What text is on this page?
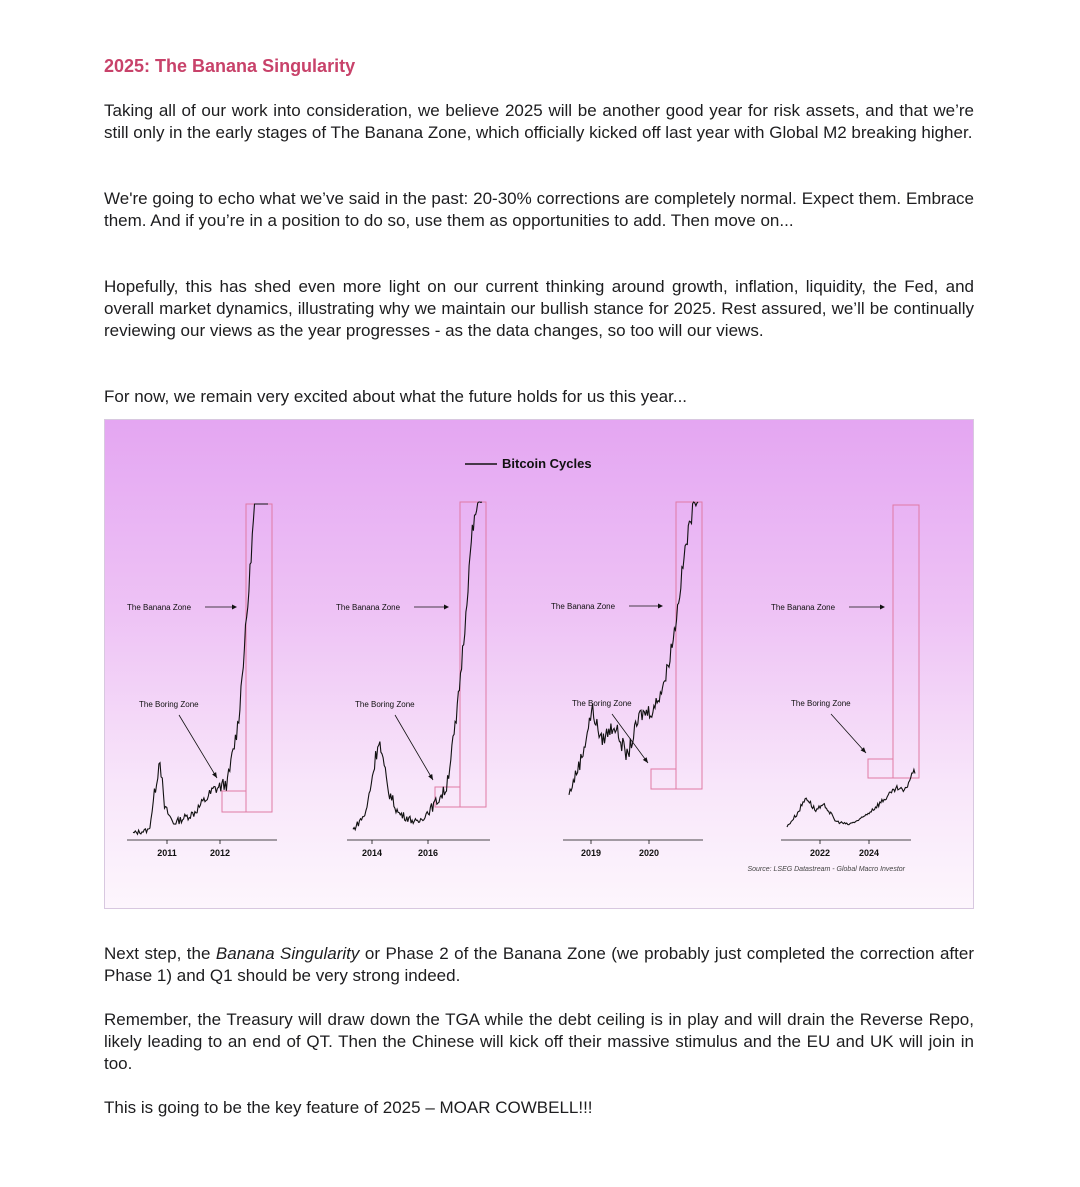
2025: The Banana Singularity

Taking all of our work into consideration, we believe 2025 will be another good year for risk assets, and that we’re still only in the early stages of The Banana Zone, which officially kicked off last year with Global M2 breaking higher.

We're going to echo what we’ve said in the past: 20-30% corrections are completely normal. Expect them. Embrace them. And if you’re in a position to do so, use them as opportunities to add. Then move on...

Hopefully, this has shed even more light on our current thinking around growth, inflation, liquidity, the Fed, and overall market dynamics, illustrating why we maintain our bullish stance for 2025. Rest assured, we’ll be continually reviewing our views as the year progresses - as the data changes, so too will our views.

For now, we remain very excited about what the future holds for us this year...

Bitcoin Cycles
2011	2012
The Banana Zone
The Boring Zone
2014	2016
The Banana Zone
The Boring Zone
2019	2020
The Banana Zone
The Boring Zone
2022	2024
The Banana Zone
The Boring Zone
Source: LSEG Datastream - Global Macro Investor

Next step, the Banana Singularity or Phase 2 of the Banana Zone (we probably just completed the correction after Phase 1) and Q1 should be very strong indeed.

Remember, the Treasury will draw down the TGA while the debt ceiling is in play and will drain the Reverse Repo, likely leading to an end of QT. Then the Chinese will kick off their massive stimulus and the EU and UK will join in too.

This is going to be the key feature of 2025 – MOAR COWBELL!!!
